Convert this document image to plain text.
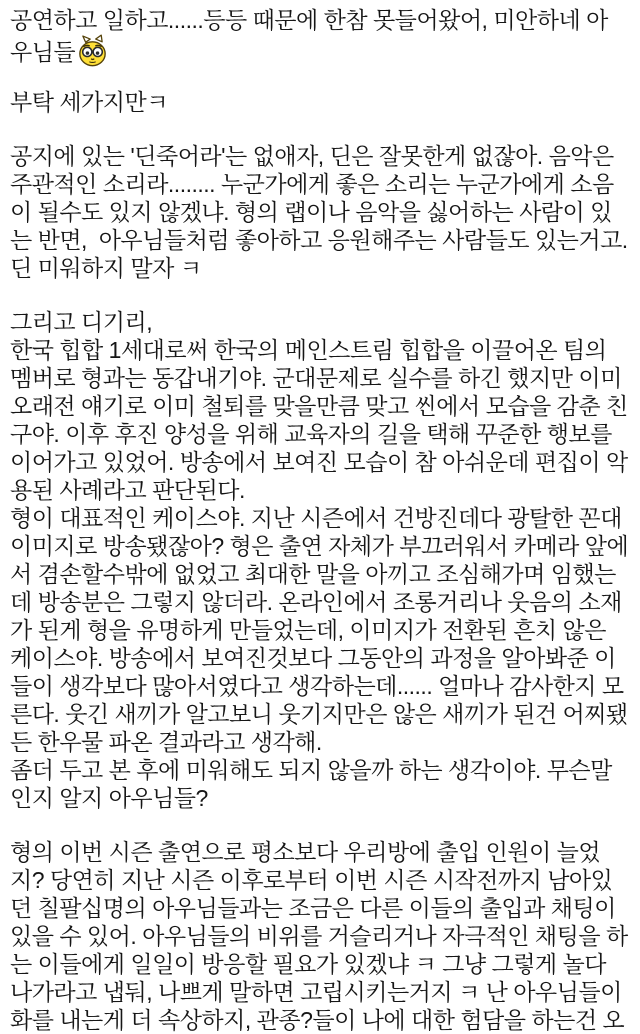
공연하고 일하고......등등 때문에 한참 못들어왔어, 미안하네 아
우님들
부탁 세가지만ㅋ
공지에 있는 '딘죽어라'는 없애자, 딘은 잘못한게 없잖아. 음악은
주관적인 소리라........ 누군가에게 좋은 소리는 누군가에게 소음
이 될수도 있지 않겠냐. 형의 랩이나 음악을 싫어하는 사람이 있
는 반면,  아우님들처럼 좋아하고 응원해주는 사람들도 있는거고.
딘 미워하지 말자 ㅋ
그리고 디기리,
한국 힙합 1세대로써 한국의 메인스트림 힙합을 이끌어온 팀의
멤버로 형과는 동갑내기야. 군대문제로 실수를 하긴 했지만 이미
오래전 얘기로 이미 철퇴를 맞을만큼 맞고 씬에서 모습을 감춘 친
구야. 이후 후진 양성을 위해 교육자의 길을 택해 꾸준한 행보를
이어가고 있었어. 방송에서 보여진 모습이 참 아쉬운데 편집이 악
용된 사례라고 판단된다.
형이 대표적인 케이스야. 지난 시즌에서 건방진데다 광탈한 꼰대
이미지로 방송됐잖아? 형은 출연 자체가 부끄러워서 카메라 앞에
서 겸손할수밖에 없었고 최대한 말을 아끼고 조심해가며 임했는
데 방송분은 그렇지 않더라. 온라인에서 조롱거리나 웃음의 소재
가 된게 형을 유명하게 만들었는데, 이미지가 전환된 흔치 않은
케이스야. 방송에서 보여진것보다 그동안의 과정을 알아봐준 이
들이 생각보다 많아서였다고 생각하는데...... 얼마나 감사한지 모
른다. 웃긴 새끼가 알고보니 웃기지만은 않은 새끼가 된건 어찌됐
든 한우물 파온 결과라고 생각해.
좀더 두고 본 후에 미워해도 되지 않을까 하는 생각이야. 무슨말
인지 알지 아우님들?
형의 이번 시즌 출연으로 평소보다 우리방에 출입 인원이 늘었
지? 당연히 지난 시즌 이후로부터 이번 시즌 시작전까지 남아있
던 칠팔십명의 아우님들과는 조금은 다른 이들의 출입과 채팅이
있을 수 있어. 아우님들의 비위를 거슬리거나 자극적인 채팅을 하
는 이들에게 일일이 방응할 필요가 있겠냐 ㅋ 그냥 그렇게 놀다
나가라고 냅둬, 나쁘게 말하면 고립시키는거지 ㅋ 난 아우님들이
화를 내는게 더 속상하지, 관종?들이 나에 대한 험담을 하는건 오
